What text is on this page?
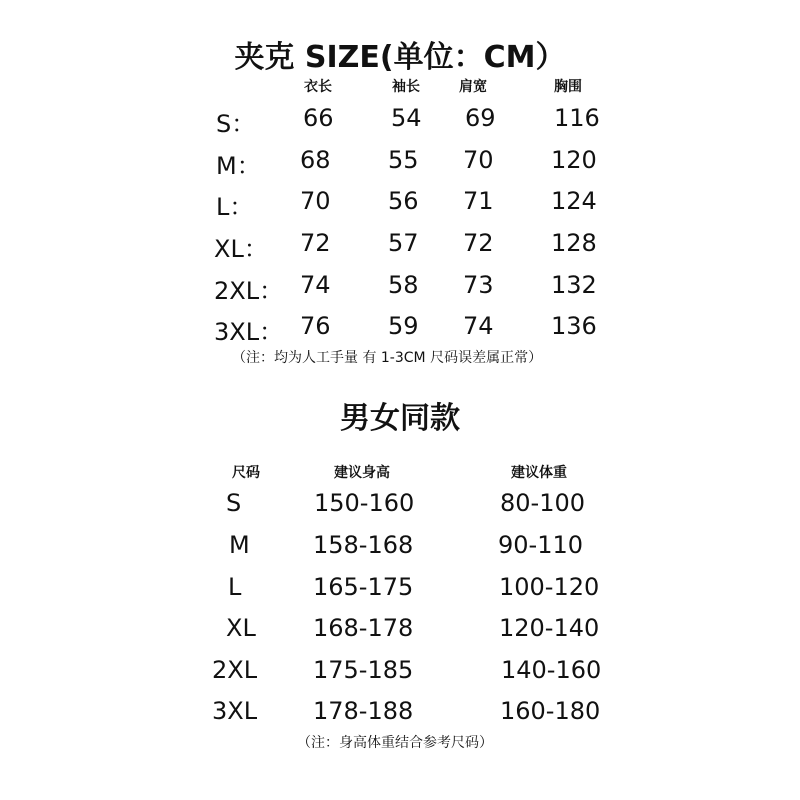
夹克 SIZE(单位：CM）
衣长	袖长	肩宽	胸围
S： 66 54 69 116
M： 68 55 70 120
L： 70 56 71 124
XL： 72 57 72 128
2XL： 74 58 73 132
3XL： 76 59 74 136
（注：均为人工手量 有 1-3CM 尺码误差属正常）
男女同款
尺码	建议身高	建议体重
S	150-160	80-100
M	158-168	90-110
L	165-175	100-120
XL 168-178	120-140
2XL 175-185	140-160
3XL 178-188	160-180
（注：身高体重结合参考尺码）
